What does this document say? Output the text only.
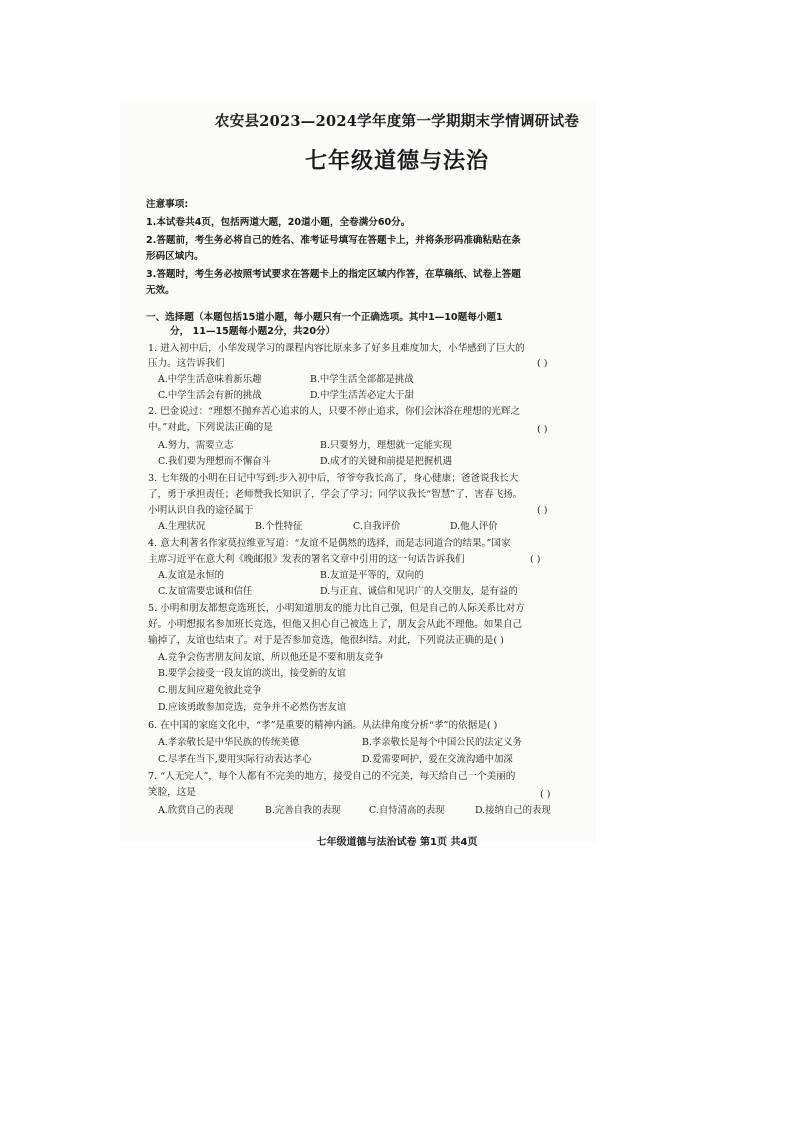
农安县2023—2024学年度第一学期期末学情调研试卷
七年级道德与法治
注意事项:
1.本试卷共4页，包括两道大题，20道小题，全卷满分60分。
2.答题前，考生务必将自己的姓名、准考证号填写在答题卡上，并将条形码准确粘贴在条
形码区域内。
3.答题时，考生务必按照考试要求在答题卡上的指定区域内作答，在草稿纸、试卷上答题
无效。
一、选择题（本题包括15道小题，每小题只有一个正确选项。其中1—10题每小题1
分， 11—15题每小题2分，共20分）
1. 进入初中后，小华发现学习的课程内容比原来多了好多且难度加大，小华感到了巨大的
压力。这告诉我们	( )
A.中学生活意味着新乐趣	B.中学生活全部都是挑战
C.中学生活会有新的挑战	D.中学生活苦必定大于甜
2. 巴金说过：“理想不抛弃苦心追求的人，只要不停止追求，你们会沐浴在理想的光辉之
中。”对此，下列说法正确的是	( )
A.努力，需要立志	B.只要努力，理想就一定能实现
C.我们要为理想而不懈奋斗	D.成才的关键和前提是把握机遇
3. 七年级的小明在日记中写到:步入初中后，爷爷夸我长高了，身心健康；爸爸说我长大
了，勇于承担责任；老师赞我长知识了，学会了学习；同学议我长“智慧”了，害春飞扬。
小明认识自我的途径属于	( )
A.生理状况	B.个性特征	C.自我评价	D.他人评价
4. 意大利著名作家莫拉维亚写道：“友谊不是偶然的选择，而是志同道合的结果。”国家
主席习近平在意大利《晚邮报》发表的署名文章中引用的这一句话告诉我们	( )
A.友谊是永恒的	B.友谊是平等的，双向的
C.友谊需要忠诚和信任	D.与正直、诚信和见识广的人交朋友，是有益的
5. 小明和朋友都想竞选班长，小明知道朋友的能力比自己强，但是自己的人际关系比对方
好。小明想报名参加班长竞选，但他又担心自己被选上了，朋友会从此不理他。如果自己
输掉了，友谊也结束了。对于是否参加竞选，他很纠结。对此，下列说法正确的是( )
A.竞争会伤害朋友间友谊，所以他还是不要和朋友竞争
B.要学会接受一段友谊的淡出，接受新的友谊
C.朋友间应避免彼此竞争
D.应该勇敢参加竞选，竞争并不必然伤害友谊
6. 在中国的家庭文化中，“孝”是重要的精神内涵。从法律角度分析“孝”的依据是( )
A.孝亲敬长是中华民族的传统美德	B.孝亲敬长是每个中国公民的法定义务
C.尽孝在当下,要用实际行动表达孝心	D.爱需要呵护，爱在交流沟通中加深
7. “人无完人”，每个人都有不完美的地方，接受自己的不完美，每天给自己一个美丽的
笑脸，这是	( )
A.欣赏自己的表现	B.完善自我的表现	C.自恃清高的表现	D.接纳自己的表现
七年级道德与法治试卷 第1页 共4页
